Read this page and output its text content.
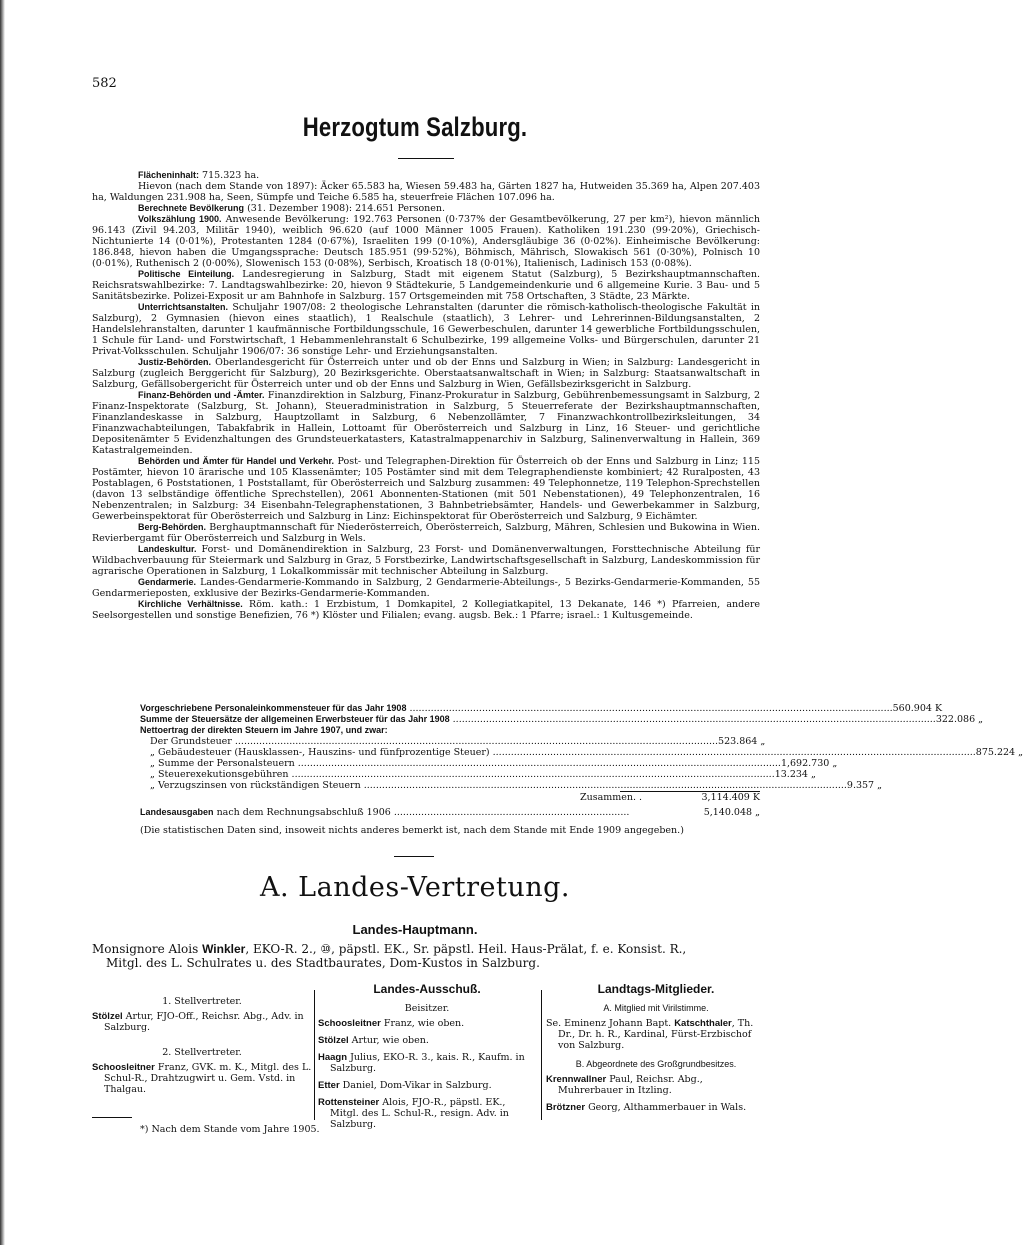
582
Herzogtum Salzburg.

Flächeninhalt: 715.323 ha.

Hievon (nach dem Stande von 1897): Äcker 65.583 ha, Wiesen 59.483 ha, Gärten 1827 ha, Hutweiden 35.369 ha, Alpen 207.403 ha, Waldungen 231.908 ha, Seen, Sümpfe und Teiche 6.585 ha, steuerfreie Flächen 107.096 ha.

Berechnete Bevölkerung (31. Dezember 1908): 214.651 Personen.

Volkszählung 1900. Anwesende Bevölkerung: 192.763 Personen (0·737% der Gesamtbevölkerung, 27 per km²), hievon männlich 96.143 (Zivil 94.203, Militär 1940), weiblich 96.620 (auf 1000 Männer 1005 Frauen). Katholiken 191.230 (99·20%), Griechisch-Nichtunierte 14 (0·01%), Protestanten 1284 (0·67%), Israeliten 199 (0·10%), Andersgläubige 36 (0·02%). Einheimische Bevölkerung: 186.848, hievon haben die Umgangssprache: Deutsch 185.951 (99·52%), Böhmisch, Mährisch, Slowakisch 561 (0·30%), Polnisch 10 (0·01%), Ruthenisch 2 (0·00%), Slowenisch 153 (0·08%), Serbisch, Kroatisch 18 (0·01%), Italienisch, Ladinisch 153 (0·08%).

Politische Einteilung. Landesregierung in Salzburg, Stadt mit eigenem Statut (Salzburg), 5 Bezirkshauptmannschaften. Reichsratswahlbezirke: 7. Landtagswahlbezirke: 20, hievon 9 Städtekurie, 5 Landgemeindenkurie und 6 allgemeine Kurie. 3 Bau- und 5 Sanitätsbezirke. Polizei-Exposit ur am Bahnhofe in Salzburg. 157 Ortsgemeinden mit 758 Ortschaften, 3 Städte, 23 Märkte.

Unterrichtsanstalten. Schuljahr 1907/08: 2 theologische Lehranstalten (darunter die römisch-katholisch-theologische Fakultät in Salzburg), 2 Gymnasien (hievon eines staatlich), 1 Realschule (staatlich), 3 Lehrer- und Lehrerinnen-Bildungsanstalten, 2 Handelslehranstalten, darunter 1 kaufmännische Fortbildungsschule, 16 Gewerbeschulen, darunter 14 gewerbliche Fortbildungsschulen, 1 Schule für Land- und Forstwirtschaft, 1 Hebammenlehranstalt 6 Schulbezirke, 199 allgemeine Volks- und Bürgerschulen, darunter 21 Privat-Volksschulen. Schuljahr 1906/07: 36 sonstige Lehr- und Erziehungsanstalten.

Justiz-Behörden. Oberlandesgericht für Österreich unter und ob der Enns und Salzburg in Wien; in Salzburg: Landesgericht in Salzburg (zugleich Berggericht für Salzburg), 20 Bezirksgerichte. Oberstaatsanwaltschaft in Wien; in Salzburg: Staatsanwaltschaft in Salzburg, Gefällsobergericht für Österreich unter und ob der Enns und Salzburg in Wien, Gefällsbezirksgericht in Salzburg.

Finanz-Behörden und -Ämter. Finanzdirektion in Salzburg, Finanz-Prokuratur in Salzburg, Gebührenbemessungsamt in Salzburg, 2 Finanz-Inspektorate (Salzburg, St. Johann), Steueradministration in Salzburg, 5 Steuerreferate der Bezirkshauptmannschaften, Finanzlandeskasse in Salzburg, Hauptzollamt in Salzburg, 6 Nebenzollämter, 7 Finanzwachkontrollbezirksleitungen, 34 Finanzwachabteilungen, Tabakfabrik in Hallein, Lottoamt für Oberösterreich und Salzburg in Linz, 16 Steuer- und gerichtliche Depositenämter 5 Evidenzhaltungen des Grundsteuerkatasters, Katastralmappenarchiv in Salzburg, Salinenverwaltung in Hallein, 369 Katastralgemeinden.

Behörden und Ämter für Handel und Verkehr. Post- und Telegraphen-Direktion für Österreich ob der Enns und Salzburg in Linz; 115 Postämter, hievon 10 ärarische und 105 Klassenämter; 105 Postämter sind mit dem Telegraphendienste kombiniert; 42 Ruralposten, 43 Postablagen, 6 Poststationen, 1 Poststallamt, für Oberösterreich und Salzburg zusammen: 49 Telephonnetze, 119 Telephon-Sprechstellen (davon 13 selbständige öffentliche Sprechstellen), 2061 Abonnenten-Stationen (mit 501 Nebenstationen), 49 Telephonzentralen, 16 Nebenzentralen; in Salzburg: 34 Eisenbahn-Telegraphenstationen, 3 Bahnbetriebsämter, Handels- und Gewerbekammer in Salzburg, Gewerbeinspektorat für Oberösterreich und Salzburg in Linz: Eichinspektorat für Oberösterreich und Salzburg, 9 Eichämter.

Berg-Behörden. Berghauptmannschaft für Niederösterreich, Oberösterreich, Salzburg, Mähren, Schlesien und Bukowina in Wien. Revierbergamt für Oberösterreich und Salzburg in Wels.

Landeskultur. Forst- und Domänendirektion in Salzburg, 23 Forst- und Domänenverwaltungen, Forsttechnische Abteilung für Wildbachverbauung für Steiermark und Salzburg in Graz, 5 Forstbezirke, Landwirtschaftsgesellschaft in Salzburg, Landeskommission für agrarische Operationen in Salzburg, 1 Lokalkommissär mit technischer Abteilung in Salzburg.

Gendarmerie. Landes-Gendarmerie-Kommando in Salzburg, 2 Gendarmerie-Abteilungs-, 5 Bezirks-Gendarmerie-Kommanden, 55 Gendarmerieposten, exklusive der Bezirks-Gendarmerie-Kommanden.

Kirchliche Verhältnisse. Röm. kath.: 1 Erzbistum, 1 Domkapitel, 2 Kollegiatkapitel, 13 Dekanate, 146 *) Pfarreien, andere Seelsorgestellen und sonstige Benefizien, 76 *) Klöster und Filialen; evang. augsb. Bek.: 1 Pfarre; israel.: 1 Kultusgemeinde.

Vorgeschriebene Personaleinkommensteuer für das Jahr 1908 ................................................................................................................................................................ 560.904 K
Summe der Steuersätze der allgemeinen Erwerbsteuer für das Jahr 1908 ................................................................................................................................................................ 322.086 „
Nettoertrag der direkten Steuern im Jahre 1907, und zwar:
Der Grundsteuer ................................................................................................................................................................ 523.864 „
„ Gebäudesteuer (Hausklassen-, Hauszins- und fünfprozentige Steuer) ................................................................................................................................................................ 875.224 „
„ Summe der Personalsteuern ................................................................................................................................................................ 1,692.730 „
„ Steuerexekutionsgebühren ................................................................................................................................................................ 13.234 „
„ Verzugszinsen von rückständigen Steuern ................................................................................................................................................................ 9.357 „
Zusammen. .	3,114.409 K
Landesausgaben nach dem Rechnungsabschluß 1906 ..............................................................................	5,140.048 „
(Die statistischen Daten sind, insoweit nichts anderes bemerkt ist, nach dem Stande mit Ende 1909 angegeben.)
A. Landes-Vertretung.
Landes-Hauptmann.
Monsignore Alois Winkler, EKO-R. 2., ⑩, päpstl. EK., Sr. päpstl. Heil. Haus-Prälat, f. e. Konsist. R.,
Mitgl. des L. Schulrates u. des Stadtbaurates, Dom-Kustos in Salzburg.
1. Stellvertreter.
Stölzel Artur, FJO-Off., Reichsr. Abg., Adv. in Salzburg.
2. Stellvertreter.
Schoosleitner Franz, GVK. m. K., Mitgl. des L. Schul-R., Drahtzugwirt u. Gem. Vstd. in Thalgau.
Landes-Ausschuß.
Beisitzer.
Schoosleitner Franz, wie oben.
Stölzel Artur, wie oben.
Haagn Julius, EKO-R. 3., kais. R., Kaufm. in Salzburg.
Etter Daniel, Dom-Vikar in Salzburg.
Rottensteiner Alois, FJO-R., päpstl. EK., Mitgl. des L. Schul-R., resign. Adv. in Salzburg.
Landtags-Mitglieder.
A. Mitglied mit Virilstimme.
Se. Eminenz Johann Bapt. Katschthaler, Th. Dr., Dr. h. R., Kardinal, Fürst-Erzbischof von Salzburg.
B. Abgeordnete des Großgrundbesitzes.
Krennwallner Paul, Reichsr. Abg., Muhrerbauer in Itzling.
Brötzner Georg, Althammerbauer in Wals.
*) Nach dem Stande vom Jahre 1905.
